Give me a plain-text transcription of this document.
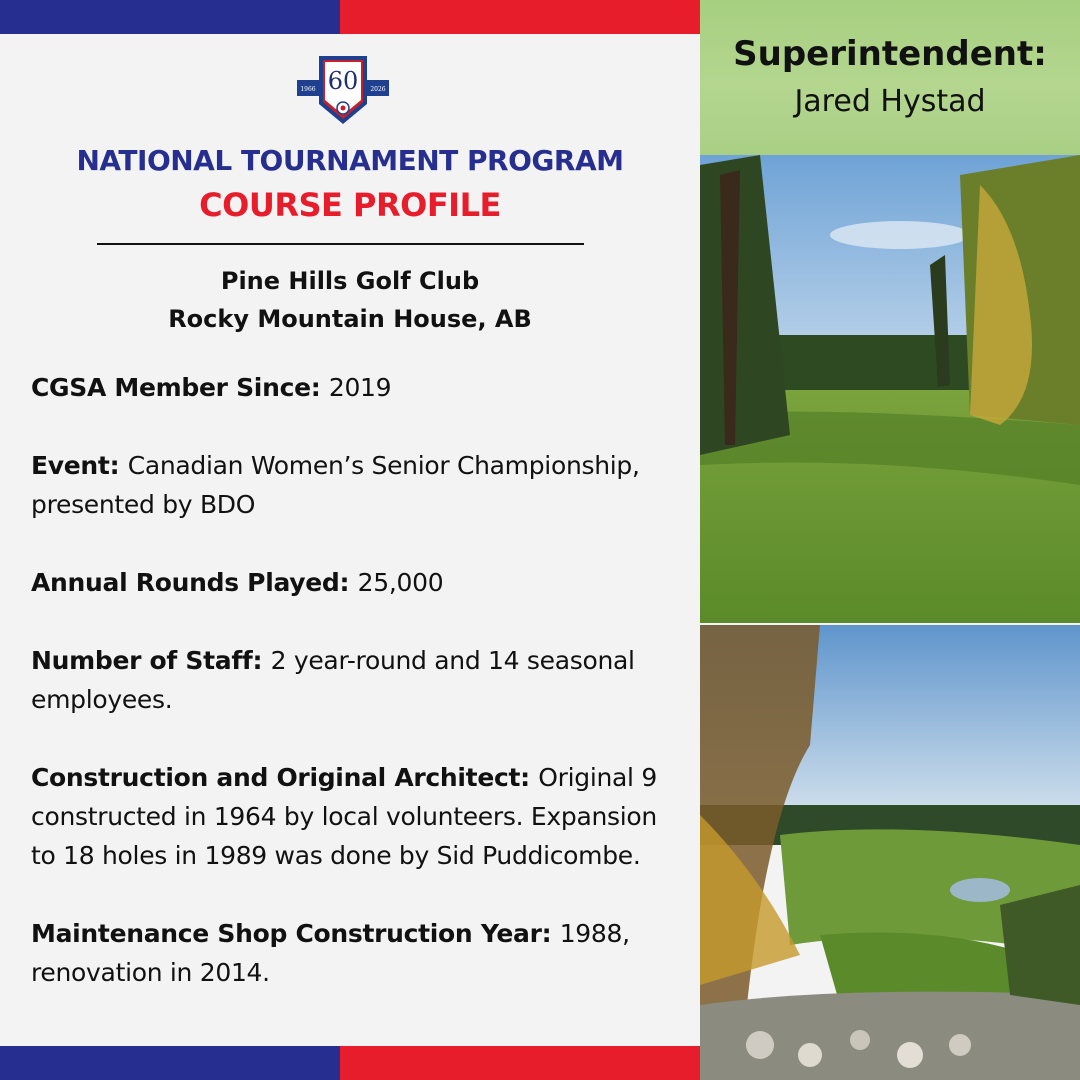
60
1966	2026
NATIONAL TOURNAMENT PROGRAM
COURSE PROFILE
Pine Hills Golf Club
Rocky Mountain House, AB
CGSA Member Since: 2019
Event: Canadian Women’s Senior Championship, presented by BDO
Annual Rounds Played: 25,000
Number of Staff: 2 year-round and 14 seasonal employees.
Construction and Original Architect: Original 9 constructed in 1964 by local volunteers. Expansion to 18 holes in 1989 was done by Sid Puddicombe.
Maintenance Shop Construction Year: 1988, renovation in 2014.
Superintendent:
Jared Hystad
